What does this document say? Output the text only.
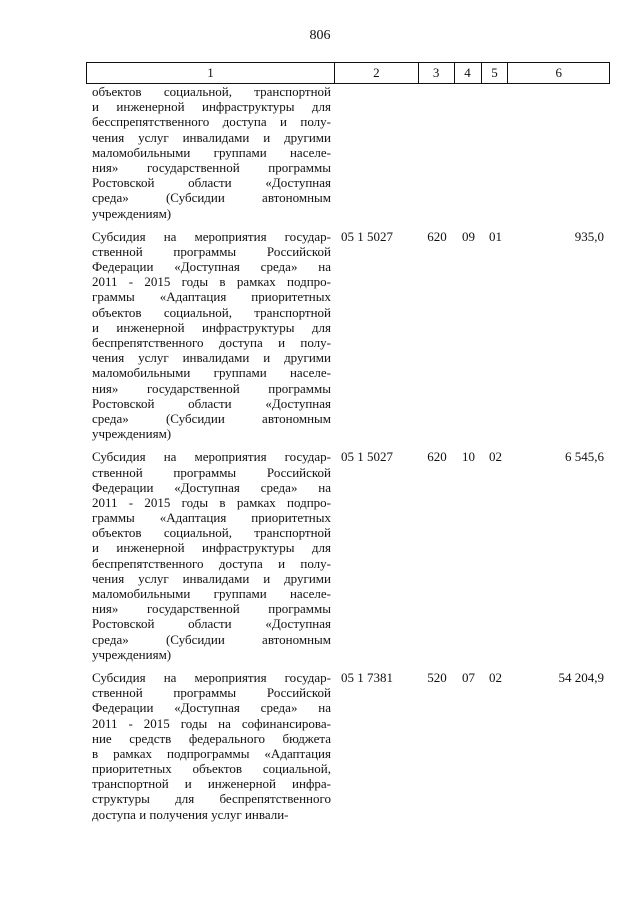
806
1	2	3	4	5	6
объектов социальной, транспортной
и инженерной инфраструктуры для
бесспрепятственного доступа и полу-
чения услуг инвалидами и другими
маломобильными группами населе-
ния» государственной программы
Ростовской области «Доступная
среда» (Субсидии автономным
учреждениям)
Субсидия на мероприятия государ-
ственной программы Российской
Федерации «Доступная среда» на
2011 - 2015 годы в рамках подпро-
граммы «Адаптация приоритетных
объектов социальной, транспортной
и инженерной инфраструктуры для
беспрепятственного доступа и полу-
чения услуг инвалидами и другими
маломобильными группами населе-
ния» государственной программы
Ростовской области «Доступная
среда» (Субсидии автономным
учреждениям)
05 1 5027	620	09	01	935,0
Субсидия на мероприятия государ-
ственной программы Российской
Федерации «Доступная среда» на
2011 - 2015 годы в рамках подпро-
граммы «Адаптация приоритетных
объектов социальной, транспортной
и инженерной инфраструктуры для
беспрепятственного доступа и полу-
чения услуг инвалидами и другими
маломобильными группами населе-
ния» государственной программы
Ростовской области «Доступная
среда» (Субсидии автономным
учреждениям)
05 1 5027	620	10	02	6 545,6
Субсидия на мероприятия государ-
ственной программы Российской
Федерации «Доступная среда» на
2011 - 2015 годы на софинансирова-
ние средств федерального бюджета
в рамках подпрограммы «Адаптация
приоритетных объектов социальной,
транспортной и инженерной инфра-
структуры для беспрепятственного
доступа и получения услуг инвали-
05 1 7381	520	07	02	54 204,9
